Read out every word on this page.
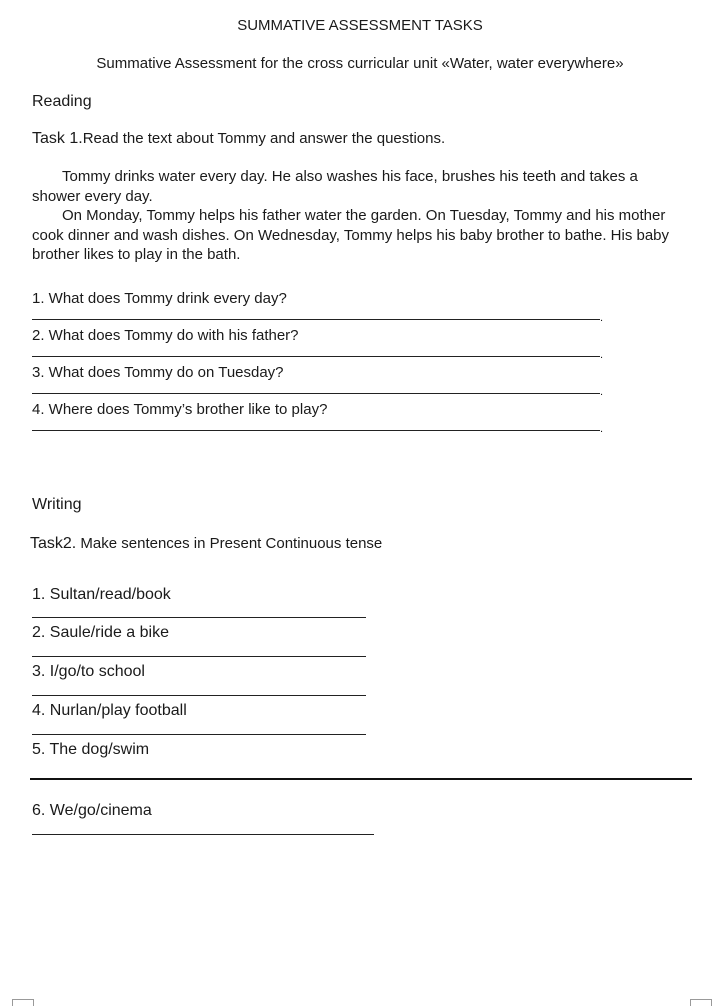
SUMMATIVE ASSESSMENT TASKS
Summative Assessment for the cross curricular unit «Water, water everywhere»
Reading
Task 1.Read the text about Tommy and answer the questions.
Tommy drinks water every day. He also washes his face, brushes his teeth and takes a shower every day.
On Monday, Tommy helps his father water the garden. On Tuesday, Tommy and his mother cook dinner and wash dishes. On Wednesday, Tommy helps his baby brother to bathe. His baby brother likes to play in the bath.
1. What does Tommy drink every day?
.
2. What does Tommy do with his father?
.
3. What does Tommy do on Tuesday?
.
4. Where does Tommy’s brother like to play?
.
Writing
Task2. Make sentences in Present Continuous tense
1. Sultan/read/book
2. Saule/ride a bike
3. I/go/to school
4. Nurlan/play football
5. The dog/swim
6. We/go/cinema
